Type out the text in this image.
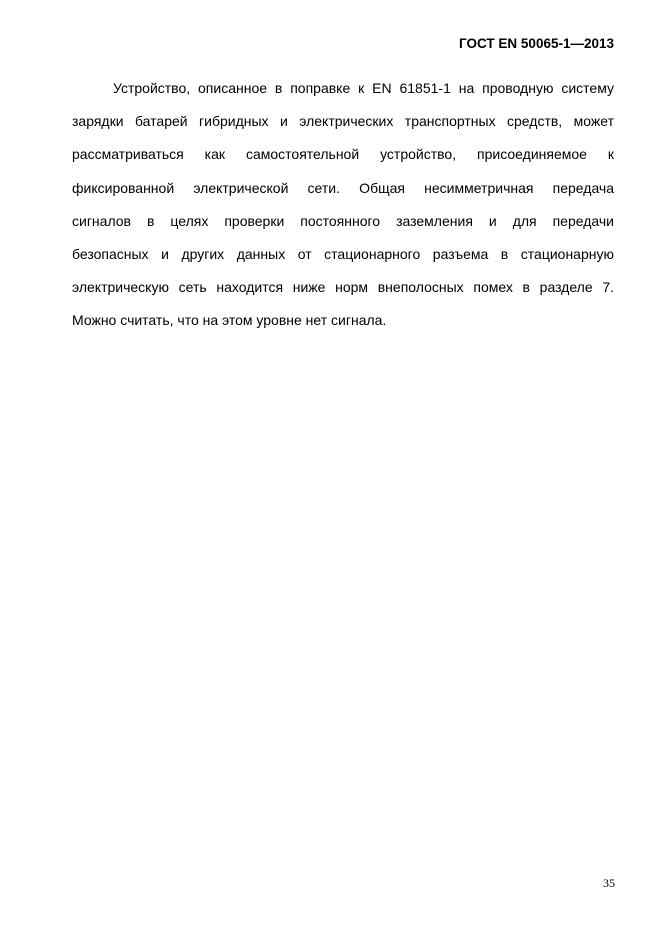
ГОСТ EN 50065-1—2013
Устройство, описанное в поправке к EN 61851-1 на проводную систему
зарядки батарей гибридных и электрических транспортных средств, может
рассматриваться как самостоятельной устройство, присоединяемое к
фиксированной электрической сети. Общая несимметричная передача
сигналов в целях проверки постоянного заземления и для передачи
безопасных и других данных от стационарного разъема в стационарную
электрическую сеть находится ниже норм внеполосных помех в разделе 7.
Можно считать, что на этом уровне нет сигнала.
35
